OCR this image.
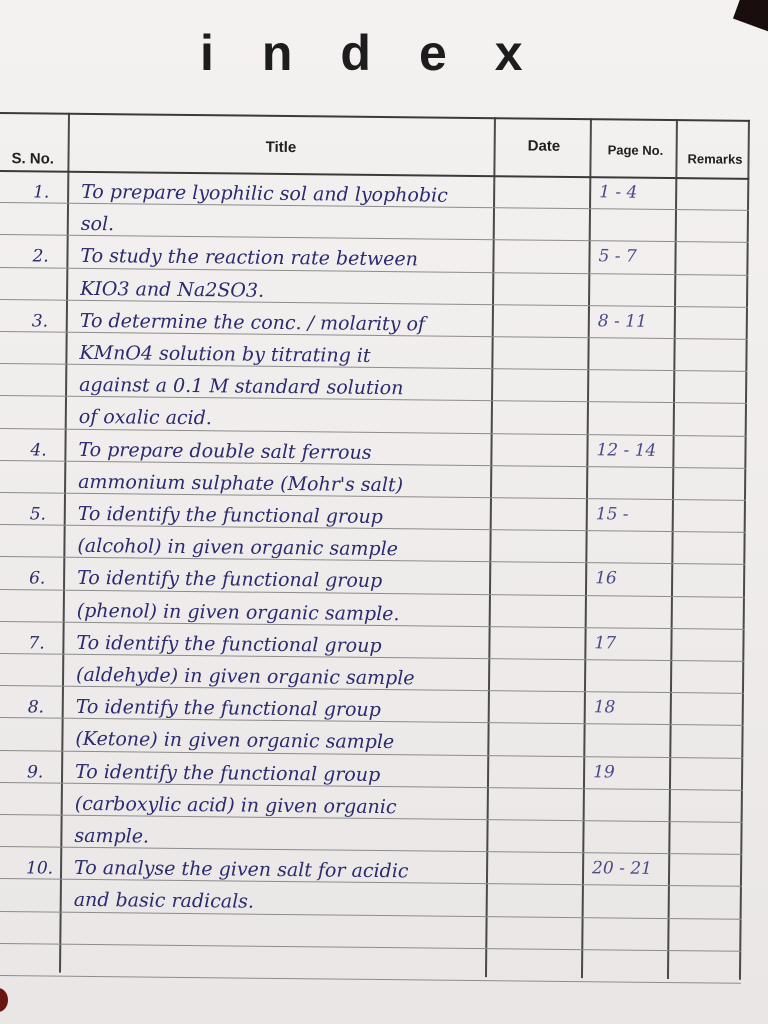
index
S. No.
Title	Date	Page No.
Remarks
1. To prepare lyophilic sol and lyophobic
sol.
1 - 4
2. To study the reaction rate between
KIO3 and Na2SO3.
5 - 7
3. To determine the conc. / molarity of
KMnO4 solution by titrating it
against a 0.1 M standard solution
of oxalic acid.
8 - 11
4. To prepare double salt ferrous
ammonium sulphate (Mohr's salt)
12 - 14
5. To identify the functional group
(alcohol) in given organic sample
15 -
6. To identify the functional group
(phenol) in given organic sample.
16
7. To identify the functional group
(aldehyde) in given organic sample
17
8. To identify the functional group
(Ketone) in given organic sample
18
9. To identify the functional group
(carboxylic acid) in given organic
sample.
19
10. To analyse the given salt for acidic
and basic radicals.
20 - 21
